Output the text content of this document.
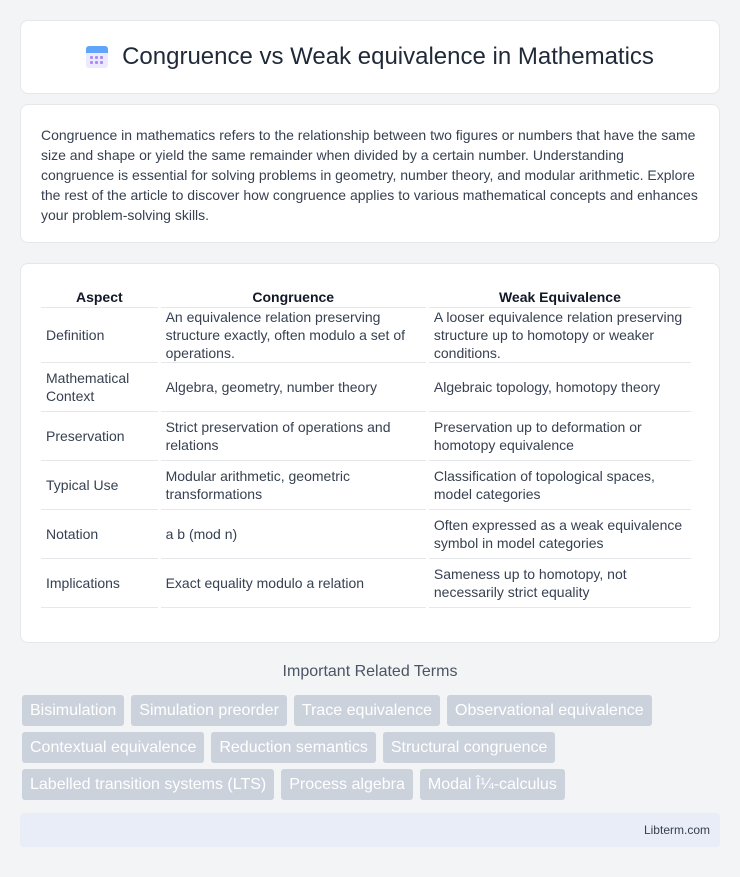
Congruence vs Weak equivalence in Mathematics

Congruence in mathematics refers to the relationship between two figures or numbers that have the same size and shape or yield the same remainder when divided by a certain number. Understanding congruence is essential for solving problems in geometry, number theory, and modular arithmetic. Explore the rest of the article to discover how congruence applies to various mathematical concepts and enhances your problem-solving skills.

Aspect	Congruence	Weak Equivalence
Definition	An equivalence relation preserving structure exactly, often modulo a set of operations.	A looser equivalence relation preserving structure up to homotopy or weaker conditions.
Mathematical Context	Algebra, geometry, number theory	Algebraic topology, homotopy theory
Preservation	Strict preservation of operations and relations	Preservation up to deformation or homotopy equivalence
Typical Use	Modular arithmetic, geometric transformations	Classification of topological spaces, model categories
Notation	a b (mod n)	Often expressed as a weak equivalence symbol in model categories
Implications	Exact equality modulo a relation	Sameness up to homotopy, not necessarily strict equality
Important Related Terms
Bisimulation	Simulation preorder	Trace equivalence	Observational equivalence
Contextual equivalence	Reduction semantics	Structural congruence
Labelled transition systems (LTS)	Process algebra	Modal Î¼-calculus
Libterm.com
